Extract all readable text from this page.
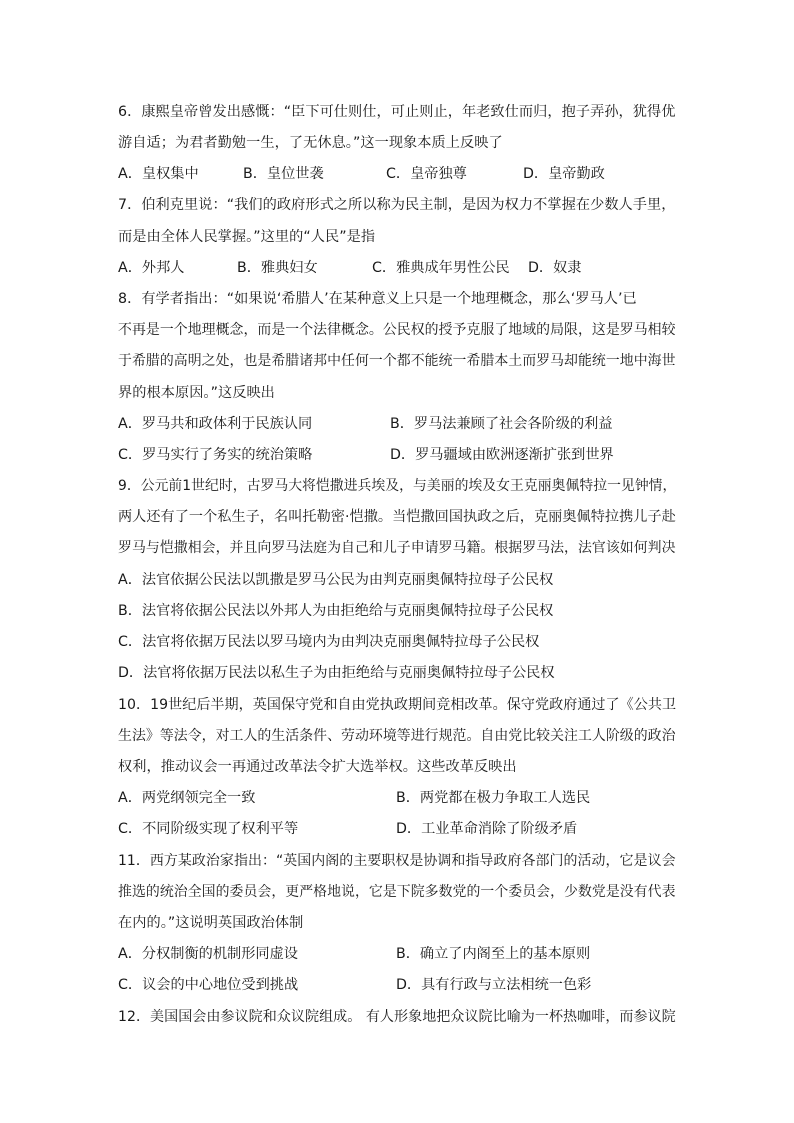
6．康熙皇帝曾发出感慨：“臣下可仕则仕，可止则止，年老致仕而归，抱子弄孙，犹得优
游自适；为君者勤勉一生，了无休息。”这一现象本质上反映了
A．皇权集中	B．皇位世袭	C．皇帝独尊	D．皇帝勤政
7．伯利克里说：“我们的政府形式之所以称为民主制，是因为权力不掌握在少数人手里，
而是由全体人民掌握。”这里的“人民”是指
A．外邦人	B．雅典妇女	C．雅典成年男性公民 D．奴隶
8．有学者指出：“如果说‘希腊人’在某种意义上只是一个地理概念，那么‘罗马人’已
不再是一个地理概念，而是一个法律概念。公民权的授予克服了地域的局限，这是罗马相较
于希腊的高明之处，也是希腊诸邦中任何一个都不能统一希腊本土而罗马却能统一地中海世
界的根本原因。”这反映出
A．罗马共和政体利于民族认同	B．罗马法兼顾了社会各阶级的利益
C．罗马实行了务实的统治策略	D．罗马疆域由欧洲逐渐扩张到世界
9．公元前1世纪时，古罗马大将恺撒进兵埃及，与美丽的埃及女王克丽奥佩特拉一见钟情，
两人还有了一个私生子，名叫托勒密·恺撒。当恺撒回国执政之后，克丽奥佩特拉携儿子赴
罗马与恺撒相会，并且向罗马法庭为自己和儿子申请罗马籍。根据罗马法，法官该如何判决
A．法官依据公民法以凯撒是罗马公民为由判克丽奥佩特拉母子公民权
B．法官将依据公民法以外邦人为由拒绝给与克丽奥佩特拉母子公民权
C．法官将依据万民法以罗马境内为由判决克丽奥佩特拉母子公民权
D．法官将依据万民法以私生子为由拒绝给与克丽奥佩特拉母子公民权
10．19世纪后半期，英国保守党和自由党执政期间竞相改革。保守党政府通过了《公共卫
生法》等法令，对工人的生活条件、劳动环境等进行规范。自由党比较关注工人阶级的政治
权利，推动议会一再通过改革法令扩大选举权。这些改革反映出
A．两党纲领完全一致	B．两党都在极力争取工人选民
C．不同阶级实现了权利平等	D．工业革命消除了阶级矛盾
11．西方某政治家指出：“英国内阁的主要职权是协调和指导政府各部门的活动，它是议会
推选的统治全国的委员会，更严格地说，它是下院多数党的一个委员会，少数党是没有代表
在内的。”这说明英国政治体制
A．分权制衡的机制形同虚设	B．确立了内阁至上的基本原则
C．议会的中心地位受到挑战	D．具有行政与立法相统一色彩
12．美国国会由参议院和众议院组成。 有人形象地把众议院比喻为一杯热咖啡，而参议院
